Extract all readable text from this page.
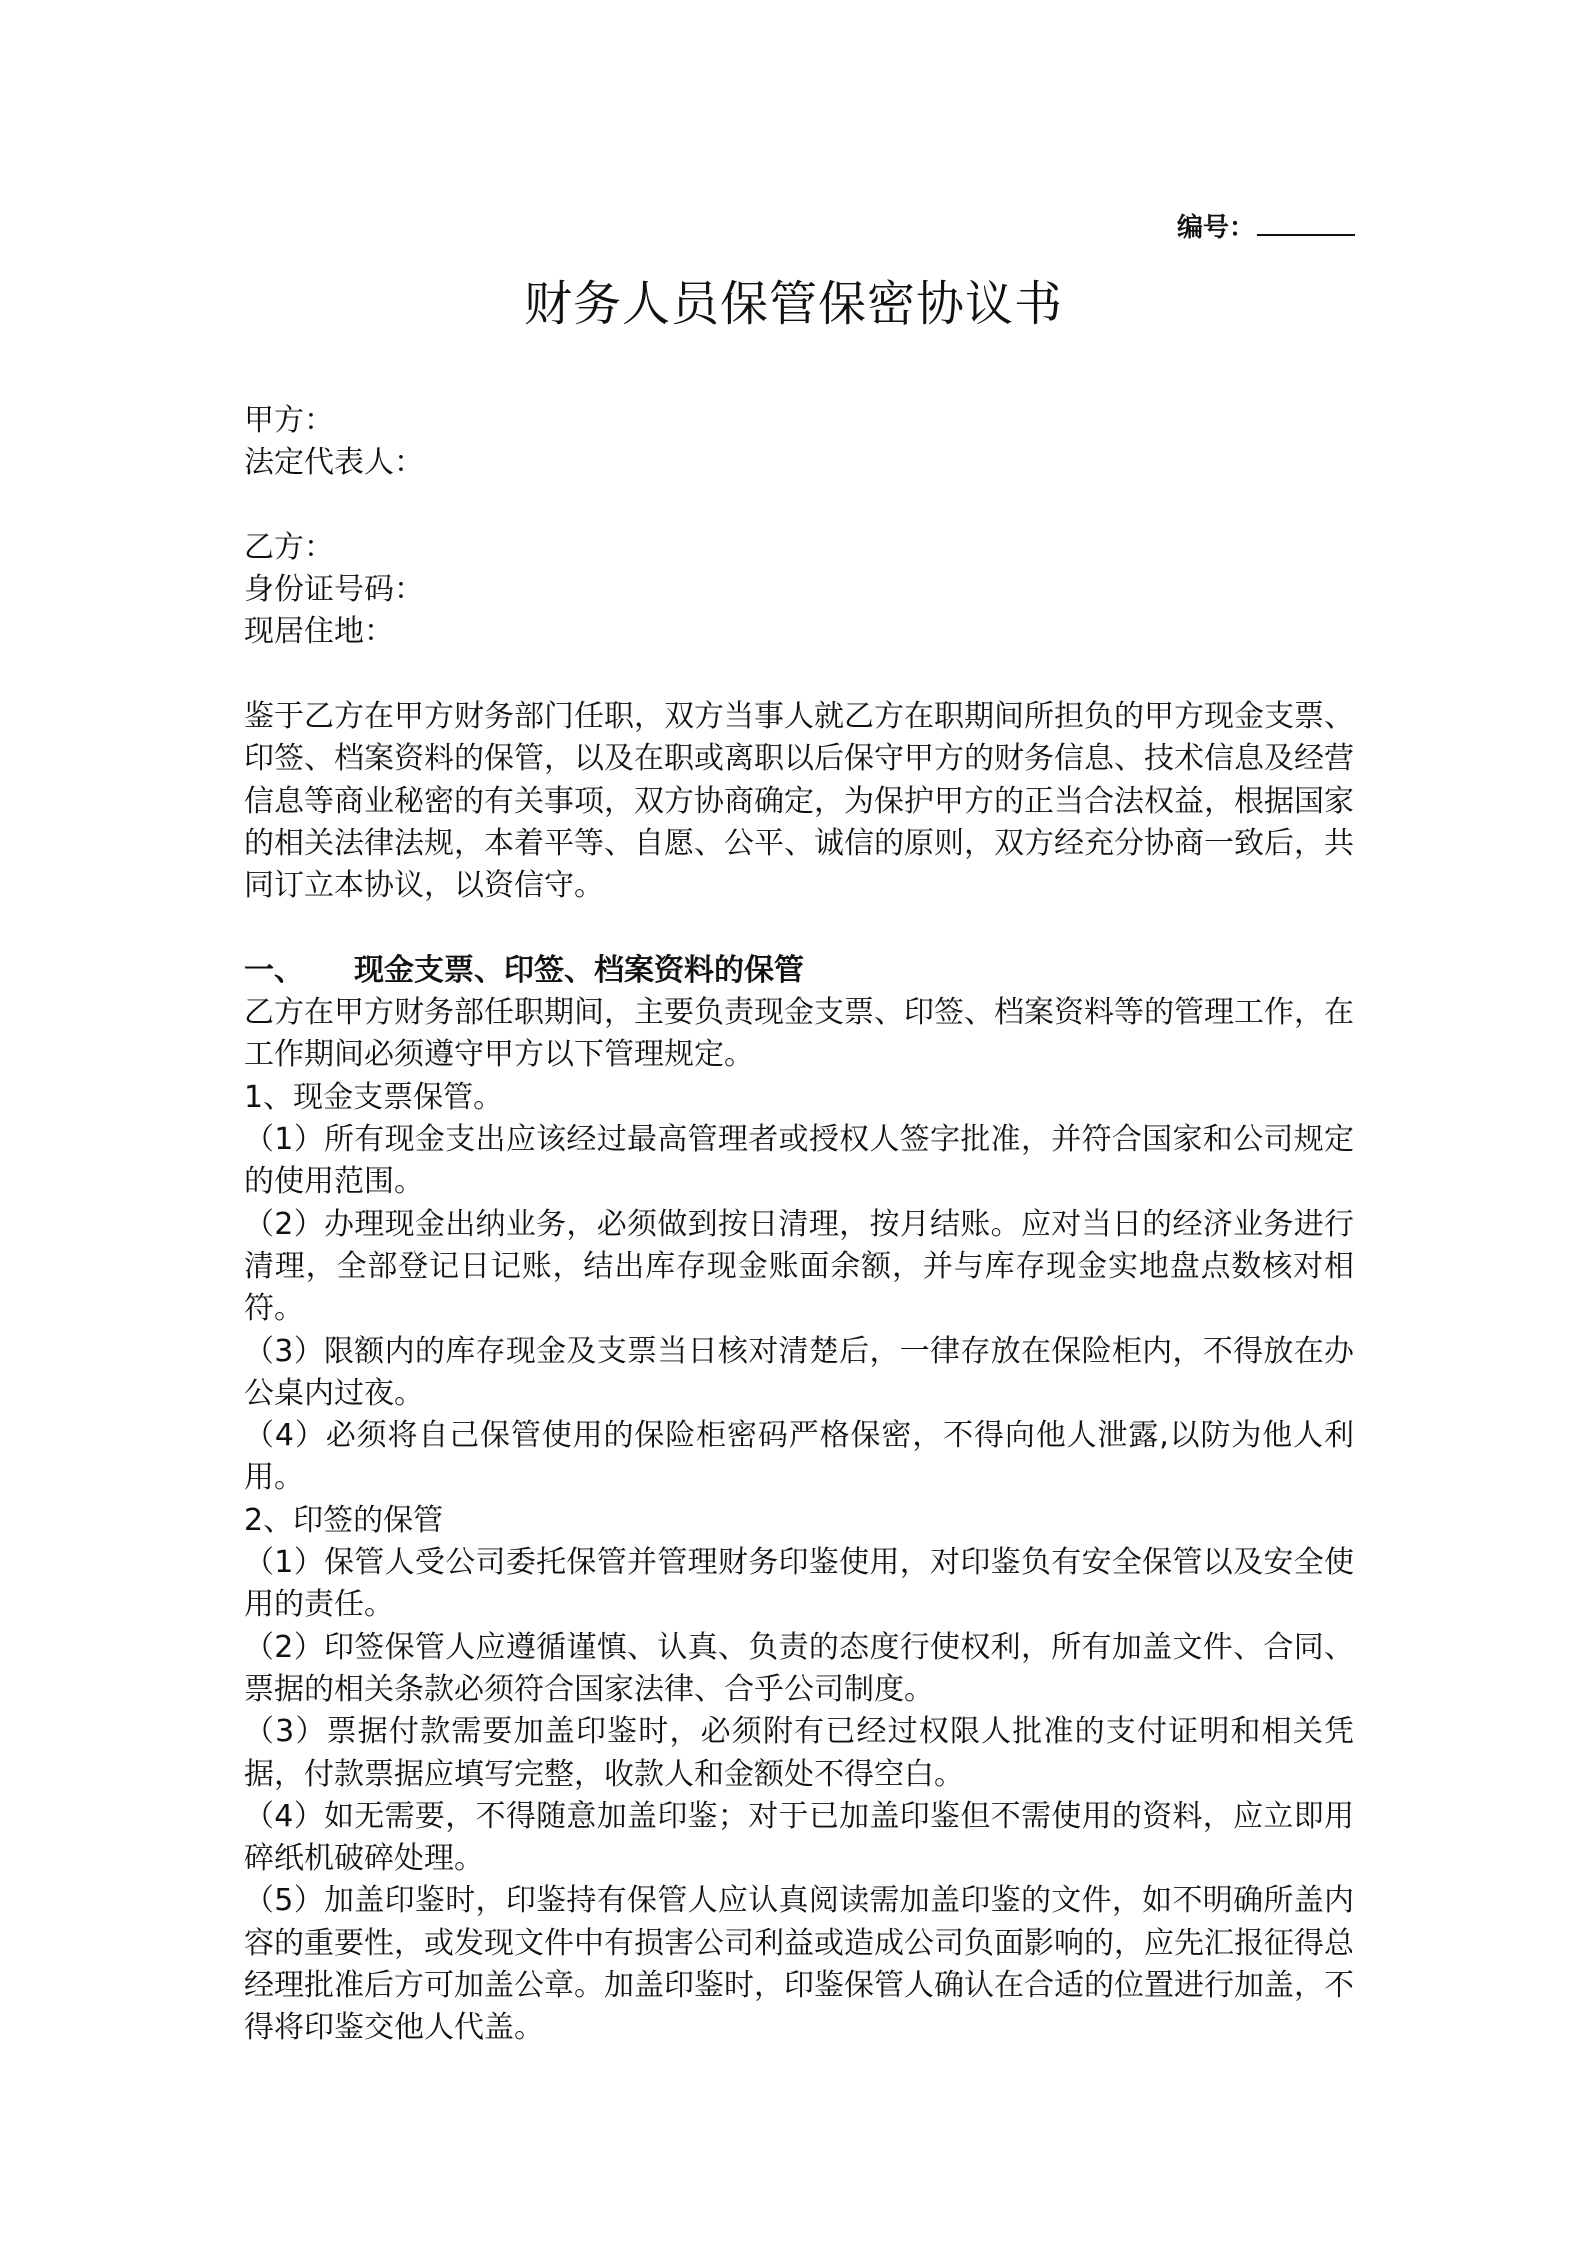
编号：
财务人员保管保密协议书

甲方：

法定代表人：

乙方：

身份证号码：

现居住地：

鉴于乙方在甲方财务部门任职，双方当事人就乙方在职期间所担负的甲方现金支票、印签、档案资料的保管，以及在职或离职以后保守甲方的财务信息、技术信息及经营信息等商业秘密的有关事项，双方协商确定，为保护甲方的正当合法权益，根据国家的相关法律法规，本着平等、自愿、公平、诚信的原则，双方经充分协商一致后，共同订立本协议，以资信守。

一、 现金支票、印签、档案资料的保管

乙方在甲方财务部任职期间，主要负责现金支票、印签、档案资料等的管理工作，在工作期间必须遵守甲方以下管理规定。

1、现金支票保管。

（1）所有现金支出应该经过最高管理者或授权人签字批准，并符合国家和公司规定的使用范围。

（2）办理现金出纳业务，必须做到按日清理，按月结账。应对当日的经济业务进行清理，全部登记日记账，结出库存现金账面余额，并与库存现金实地盘点数核对相符。

（3）限额内的库存现金及支票当日核对清楚后，一律存放在保险柜内，不得放在办公桌内过夜。

（4）必须将自己保管使用的保险柜密码严格保密，不得向他人泄露,以防为他人利用。

2、印签的保管

（1）保管人受公司委托保管并管理财务印鉴使用，对印鉴负有安全保管以及安全使用的责任。

（2）印签保管人应遵循谨慎、认真、负责的态度行使权利，所有加盖文件、合同、票据的相关条款必须符合国家法律、合乎公司制度。

（3）票据付款需要加盖印鉴时，必须附有已经过权限人批准的支付证明和相关凭据，付款票据应填写完整，收款人和金额处不得空白。

（4）如无需要，不得随意加盖印鉴；对于已加盖印鉴但不需使用的资料，应立即用碎纸机破碎处理。

（5）加盖印鉴时，印鉴持有保管人应认真阅读需加盖印鉴的文件，如不明确所盖内容的重要性，或发现文件中有损害公司利益或造成公司负面影响的，应先汇报征得总经理批准后方可加盖公章。加盖印鉴时，印鉴保管人确认在合适的位置进行加盖，不得将印鉴交他人代盖。
